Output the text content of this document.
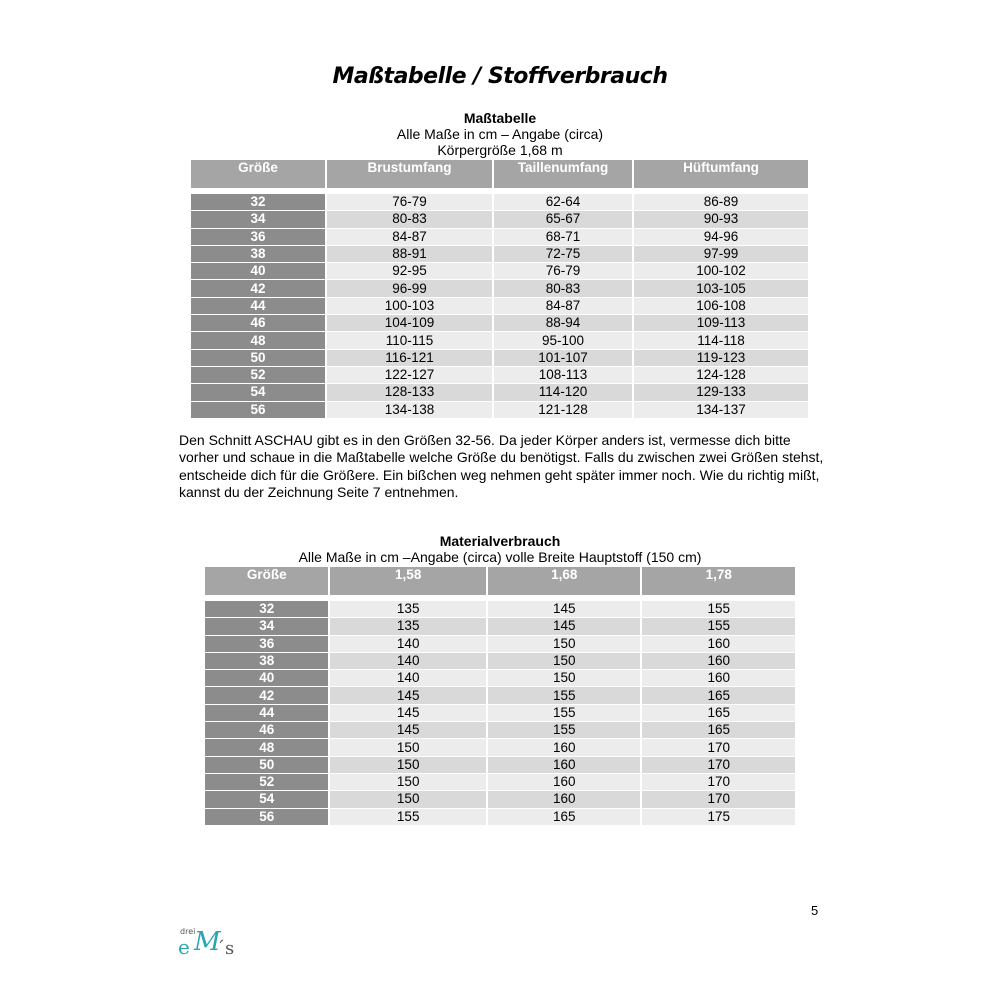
Maßtabelle / Stoffverbrauch
Maßtabelle
Alle Maße in cm – Angabe (circa)
Körpergröße 1,68 m
Größe	Brustumfang	Taillenumfang	Hüftumfang

32	76-79	62-64	86-89
34	80-83	65-67	90-93
36	84-87	68-71	94-96
38	88-91	72-75	97-99
40	92-95	76-79	100-102
42	96-99	80-83	103-105
44	100-103	84-87	106-108
46	104-109	88-94	109-113
48	110-115	95-100	114-118
50	116-121	101-107	119-123
52	122-127	108-113	124-128
54	128-133	114-120	129-133
56	134-138	121-128	134-137
Den Schnitt ASCHAU gibt es in den Größen 32-56. Da jeder Körper anders ist, vermesse dich bitte vorher und schaue in die Maßtabelle welche Größe du benötigst. Falls du zwischen zwei Größen stehst, entscheide dich für die Größere. Ein bißchen weg nehmen geht später immer noch. Wie du richtig mißt, kannst du der Zeichnung Seite 7 entnehmen.
Materialverbrauch
Alle Maße in cm –Angabe (circa) volle Breite Hauptstoff (150 cm)
Größe	1,58	1,68	1,78

32	135	145	155
34	135	145	155
36	140	150	160
38	140	150	160
40	140	150	160
42	145	155	165
44	145	155	165
46	145	155	165
48	150	160	170
50	150	160	170
52	150	160	170
54	150	160	170
56	155	165	175
5
drei
e M
´s
